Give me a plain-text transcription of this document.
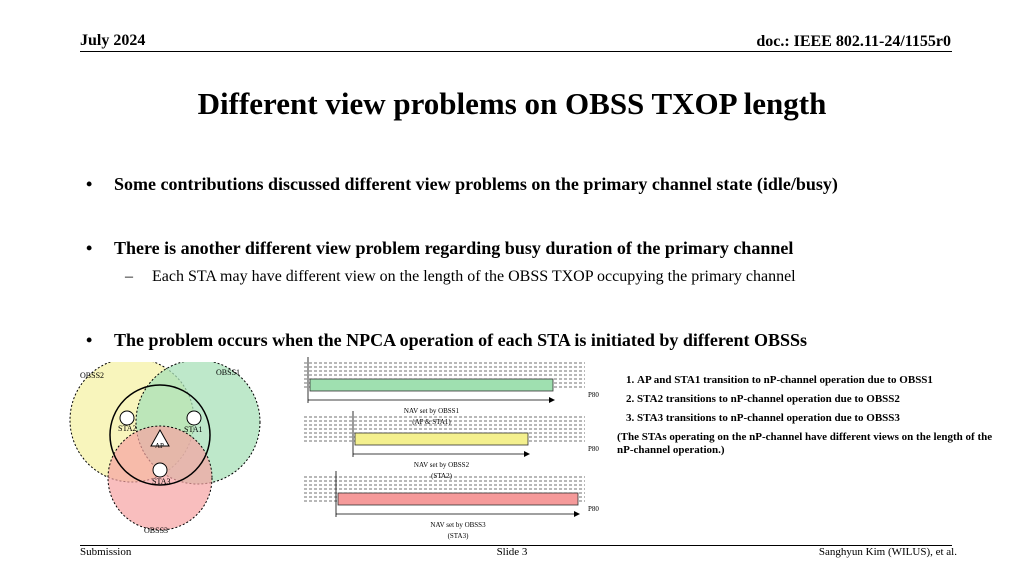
July 2024	doc.: IEEE 802.11-24/1155r0
Different view problems on OBSS TXOP length
• Some contributions discussed different view problems on the primary channel state (idle/busy)
• There is another different view problem regarding busy duration of the primary channel
– Each STA may have different view on the length of the OBSS TXOP occupying the primary channel
• The problem occurs when the NPCA operation of each STA is initiated by different OBSSs
OBSS2	OBSS1
OBSS3
STA2	STA1
STA3
AP
P80
NAV set by OBSS1
(AP & STA1)
P80
NAV set by OBSS2
(STA2)
P80
NAV set by OBSS3
(STA3)
1. AP and STA1 transition to nP-channel operation due to OBSS1
2. STA2 transitions to nP-channel operation due to OBSS2
3. STA3 transitions to nP-channel operation due to OBSS3
(The STAs operating on the nP-channel have different views on the length of the nP-channel operation.)
Submission	Slide 3	Sanghyun Kim (WILUS), et al.
